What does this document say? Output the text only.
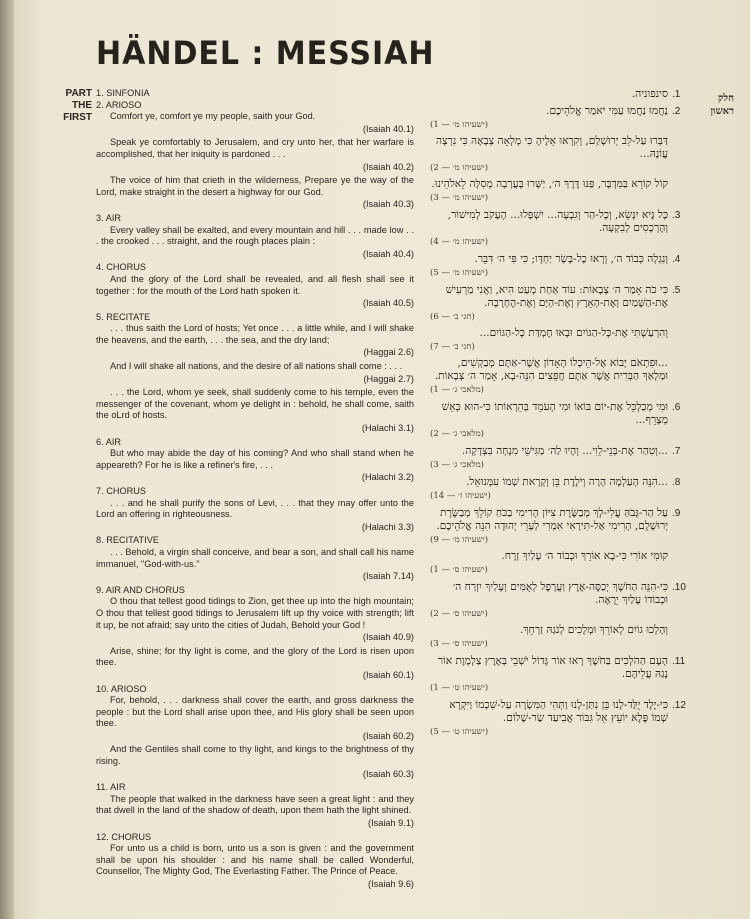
HÄNDEL : MESSIAH
PART
THE
FIRST
1. SINFONIA
2. ARIOSO
Comfort ye, comfort ye my people, saith your God.
(Isaiah 40.1)
Speak ye comfortably to Jerusalem, and cry unto her, that her warfare is accomplished, that her iniquity is pardoned . . .
(Isaiah 40.2)
The voice of him that crieth in the wilderness, Prepare ye the way of the Lord, make straight in the desert a highway for our God.
(Isaiah 40.3)
3. AIR
Every valley shall be exalted, and every mountain and hill . . . made low . . . the crooked . . . straight, and the rough places plain :
(Isaiah 40.4)
4. CHORUS
And the glory of the Lord shall be revealed, and all flesh shall see it together : for the mouth of the Lord hath spoken it.
(Isaiah 40.5)
5. RECITATE
. . . thus saith the Lord of hosts; Yet once . . . a little while, and I will shake the heavens, and the earth, . . . the sea, and the dry land;
(Haggai 2.6)
And I will shake all nations, and the desire of all nations shall come : . . .
(Haggai 2.7)
. . . the Lord, whom ye seek, shall suddenly come to his temple, even the messenger of the covenant, whom ye delight in : behold, he shall come, saith the oLrd of hosts.
(Halachi 3.1)
6. AIR
But who may abide the day of his coming? And who shall stand when he appeareth? For he is like a refiner's fire, . . .
(Halachi 3.2)
7. CHORUS
. . . and he shall purify the sons of Levi, . . . that they may offer unto the Lord an offering in righteousness.
(Halachi 3.3)
8. RECITATIVE
. . . Behold, a virgin shall conceive, and bear a son, and shall call his name immanuel, "God-with-us."
(Isaiah 7.14)
9. AIR AND CHORUS
O thou that tellest good tidings to Zion, get thee up into the high mountain; O thou that tellest good tidings to Jerusalem lift up thy voice with strength; lift it up, be not afraid; say unto the cities of Judah, Behold your God !
(Isaiah 40.9)
Arise, shine; for thy light is come, and the glory of the Lord is risen upon thee.
(Isaiah 60.1)
10. ARIOSO
For, behold, . . . darkness shall cover the earth, and gross darkness the people : but the Lord shall arise upon thee, and His glory shall be seen upon thee.
(Isaiah 60.2)
And the Gentiles shall come to thy light, and kings to the brightness of thy rising.
(Isaiah 60.3)
11. AIR
The people that walked in the darkness have seen a great light : and they that dwell in the land of the shadow of death, upon them hath the light shined.
(Isaiah 9.1)
12. CHORUS
For unto us a child is born, unto us a son is given : and the government shall be upon his shoulder : and his name shall be called Wonderful, Counsellor, The Mighty God, The Everlasting Father. The Prince of Peace.
(Isaiah 9.6)
סינפוניה.
נַחֲמוּ נַחֲמוּ עַמִּי יֹאמַר אֱלֹהֵיכֶם.
(ישעיהו מ׳ — 1)
דַּבְּרוּ עַל-לֵב יְרוּשָׁלִַם, וְקִרְאוּ אֵלֶיהָ כִּי מָלְאָה צְבָאָהּ כִּי נִרְצָה עֲוֹנָהּ...
(ישעיהו מ׳ — 2)
קוֹל קוֹרֵא בַּמִּדְבָּר, פַּנּוּ דֶּרֶךְ ה׳, יַשְּׁרוּ בָּעֲרָבָה מְסִלָּה לֵאלֹהֵינוּ.
(ישעיהו מ׳ — 3)
כָּל גֶּיא יִנָּשֵׂא, וְכָל-הַר וְגִבְעָה... יִשְׁפָּלוּ... הֶעָקֹב לְמִישׁוֹר, וְהָרְכָסִים לְבִקְעָה.
(ישעיהו מ׳ — 4)
וְנִגְלָה כְּבוֹד ה׳, וְרָאוּ כָל-בָּשָׂר יַחְדָּו; כִּי פִּי ה׳ דִּבֵּר.
(ישעיהו מ׳ — 5)
כִּי כֹה אָמַר ה׳ צְבָאוֹת: עוֹד אַחַת מְעַט הִיא, וַאֲנִי מַרְעִישׁ אֶת-הַשָּׁמַיִם וְאֶת-הָאָרֶץ וְאֶת-הַיָּם וְאֶת-הֶחָרָבָה.
(חגי ב׳ — 6)
וְהִרְעַשְׁתִּי אֶת-כָּל-הַגּוֹיִם וּבָאוּ חֶמְדַּת כָּל-הַגּוֹיִם...
(חגי ב׳ — 7)
...וּפִתְאֹם יָבוֹא אֶל-הֵיכָלוֹ הָאָדוֹן אֲשֶׁר-אַתֶּם מְבַקְשִׁים, וּמַלְאַךְ הַבְּרִית אֲשֶׁר אַתֶּם חֲפֵצִים הִנֵּה-בָא, אָמַר ה׳ צְבָאוֹת.
(מלאכי ג׳ — 1)
וּמִי מְכַלְכֵּל אֶת-יוֹם בּוֹאוֹ וּמִי הָעֹמֵד בְּהֵרָאוֹתוֹ כִּי-הוּא כְּאֵשׁ מְצָרֵף...
(מלאכי ג׳ — 2)
...וְטִהַר אֶת-בְּנֵי-לֵוִי... וְהָיוּ לַה׳ מַגִּישֵׁי מִנְחָה בִּצְדָקָה.
(מלאכי ג׳ — 3)
...הִנֵּה הָעַלְמָה הָרָה וְיֹלֶדֶת בֵּן וְקָרָאת שְׁמוֹ עִמָּנוּאֵל.
(ישעיהו ז׳ — 14)
עַל הַר-גָּבֹהַּ עֲלִי-לָךְ מְבַשֶּׂרֶת צִיּוֹן הָרִימִי בַכֹּחַ קוֹלֵךְ מְבַשֶּׂרֶת יְרוּשָׁלִָם, הָרִימִי אַל-תִּירָאִי אִמְרִי לְעָרֵי יְהוּדָה הִנֵּה אֱלֹהֵיכֶם.
(ישעיהו מ׳ — 9)
קוּמִי אוֹרִי כִּי-בָא אוֹרֵךְ וּכְבוֹד ה׳ עָלַיִךְ זָרָח.
(ישעיהו ס׳ — 1)
כִּי-הִנֵּה הַחֹשֶׁךְ יְכַסֶּה-אֶרֶץ וַעֲרָפֶל לְאֻמִּים וְעָלַיִךְ יִזְרַח ה׳ וּכְבוֹדוֹ עָלַיִךְ יֵרָאֶה.
(ישעיהו ס׳ — 2)
וְהָלְכוּ גוֹיִם לְאוֹרֵךְ וּמְלָכִים לְנֹגַהּ זַרְחֵךְ.
(ישעיהו ס׳ — 3)
הָעָם הַהֹלְכִים בַּחֹשֶׁךְ רָאוּ אוֹר גָּדוֹל יֹשְׁבֵי בְּאֶרֶץ צַלְמָוֶת אוֹר נָגַהּ עֲלֵיהֶם.
(ישעיהו ט׳ — 1)
כִּי-יֶלֶד יֻלַּד-לָנוּ בֵּן נִתַּן-לָנוּ וַתְּהִי הַמִּשְׂרָה עַל-שִׁכְמוֹ וַיִּקְרָא שְׁמוֹ פֶּלֶא יוֹעֵץ אֵל גִּבּוֹר אֲבִיעַד שַׂר-שָׁלוֹם.
(ישעיהו ט׳ — 5)
.1
.2
.3
.4
.5
.6
.7
.8
.9
.10
.11
.12
חלק
ראשון
